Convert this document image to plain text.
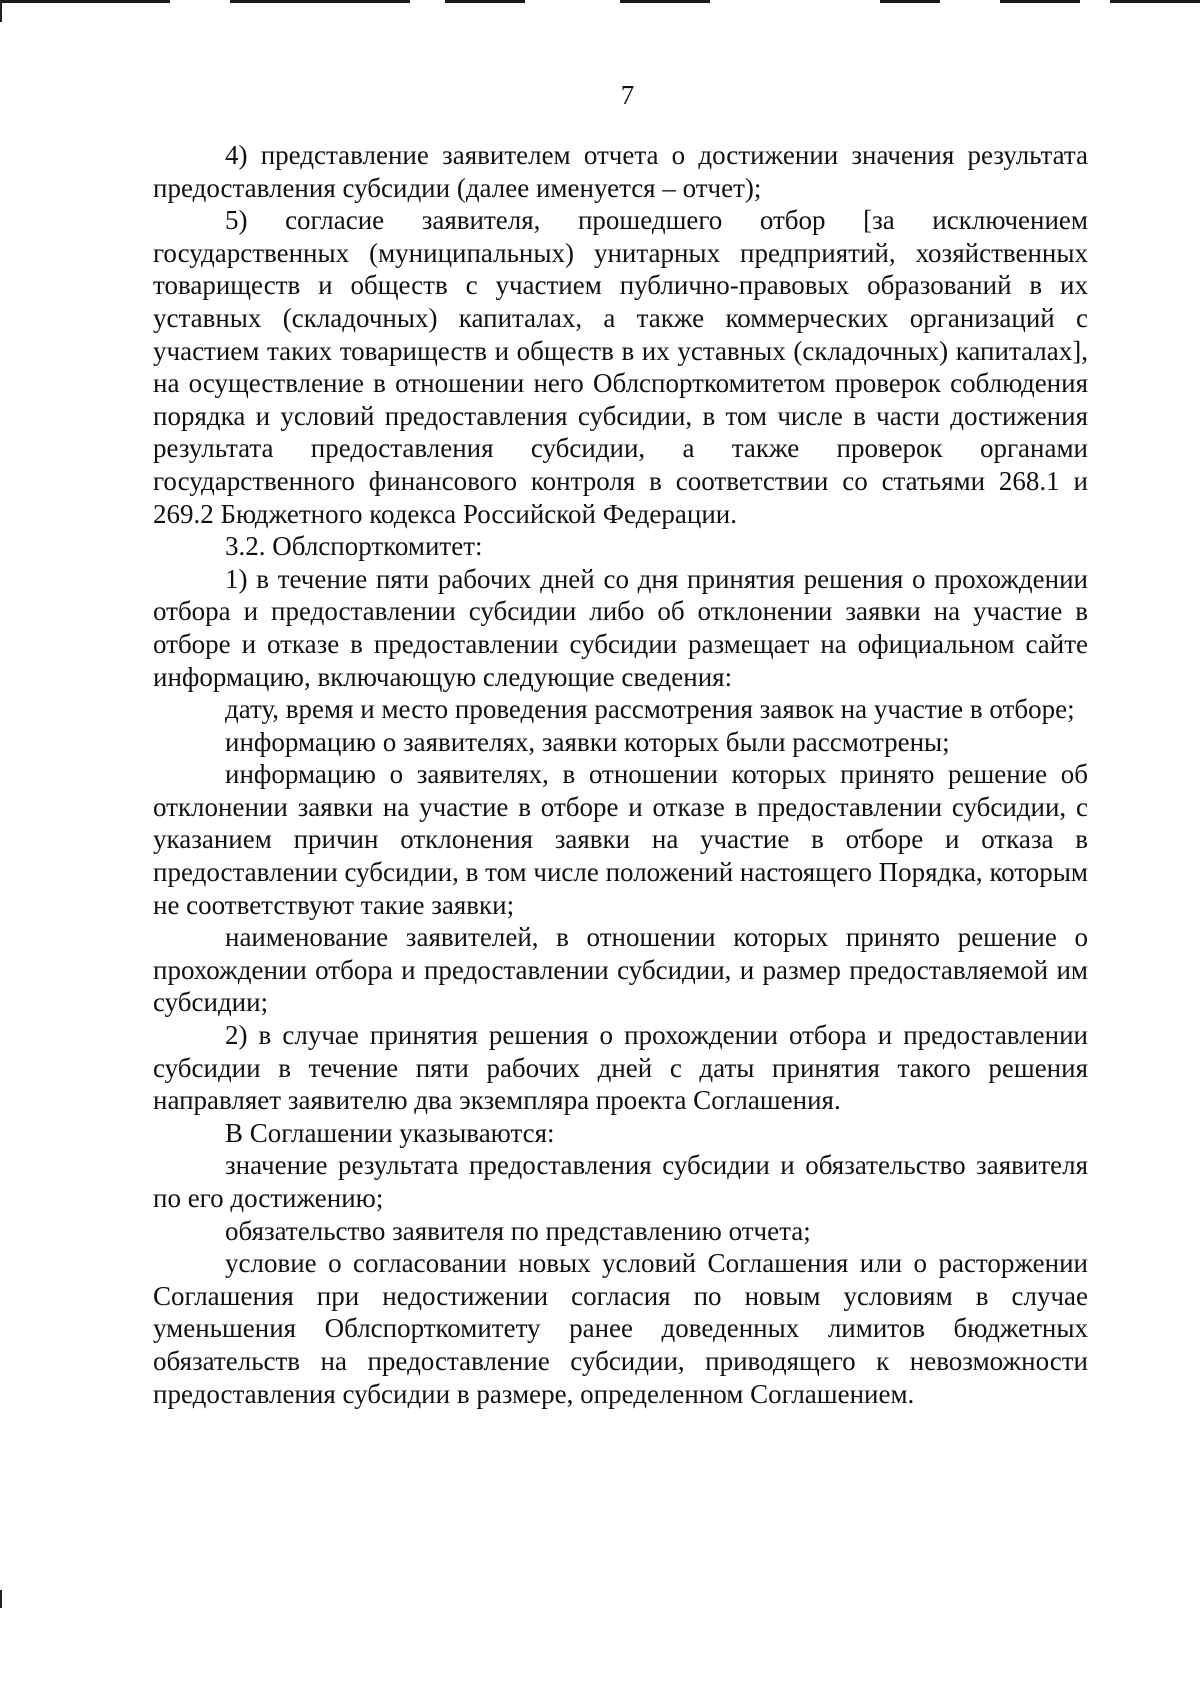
7

4) представление заявителем отчета о достижении значения результата предоставления субсидии (далее именуется – отчет);

5) согласие заявителя, прошедшего отбор [за исключением государственных (муниципальных) унитарных предприятий, хозяйственных товариществ и обществ с участием публично-правовых образований в их уставных (складочных) капиталах, а также коммерческих организаций с участием таких товариществ и обществ в их уставных (складочных) капиталах], на осуществление в отношении него Облспорткомитетом проверок соблюдения порядка и условий предоставления субсидии, в том числе в части достижения результата предоставления субсидии, а также проверок органами государственного финансового контроля в соответствии со статьями 268.1 и 269.2 Бюджетного кодекса Российской Федерации.

3.2. Облспорткомитет:

1) в течение пяти рабочих дней со дня принятия решения о прохождении отбора и предоставлении субсидии либо об отклонении заявки на участие в отборе и отказе в предоставлении субсидии размещает на официальном сайте информацию, включающую следующие сведения:

дату, время и место проведения рассмотрения заявок на участие в отборе;

информацию о заявителях, заявки которых были рассмотрены;

информацию о заявителях, в отношении которых принято решение об отклонении заявки на участие в отборе и отказе в предоставлении субсидии, с указанием причин отклонения заявки на участие в отборе и отказа в предоставлении субсидии, в том числе положений настоящего Порядка, которым не соответствуют такие заявки;

наименование заявителей, в отношении которых принято решение о прохождении отбора и предоставлении субсидии, и размер предоставляемой им субсидии;

2) в случае принятия решения о прохождении отбора и предоставлении субсидии в течение пяти рабочих дней с даты принятия такого решения направляет заявителю два экземпляра проекта Соглашения.

В Соглашении указываются:

значение результата предоставления субсидии и обязательство заявителя по его достижению;

обязательство заявителя по представлению отчета;

условие о согласовании новых условий Соглашения или о расторжении Соглашения при недостижении согласия по новым условиям в случае уменьшения Облспорткомитету ранее доведенных лимитов бюджетных обязательств на предоставление субсидии, приводящего к невозможности предоставления субсидии в размере, определенном Соглашением.
